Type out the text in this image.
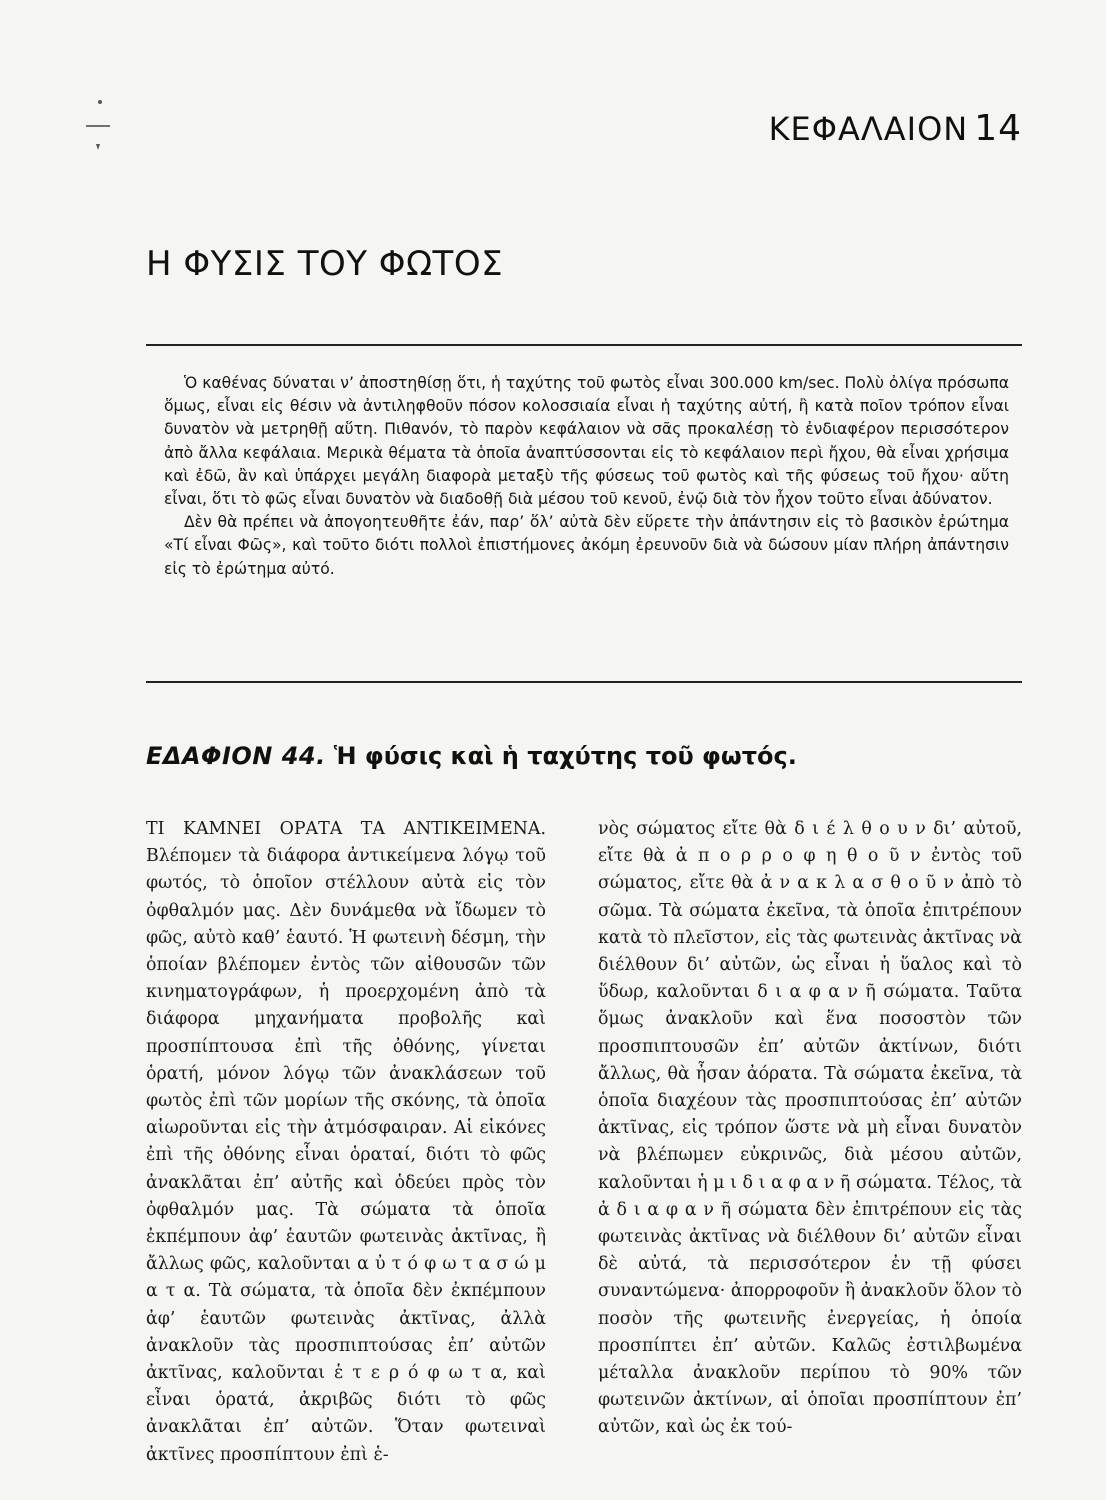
ΚΕΦΑΛΑΙΟΝ 14
Η ΦΥΣΙΣ ΤΟΥ ΦΩΤΟΣ

Ὁ καθένας δύναται ν’ ἀποστηθίσῃ ὅτι, ἡ ταχύτης τοῦ φωτὸς εἶναι 300.000 km/sec. Πολὺ ὀλίγα πρόσωπα ὅμως, εἶναι εἰς θέσιν νὰ ἀντιληφθοῦν πόσον κολοσσιαία εἶναι ἡ ταχύτης αὐτή, ἢ κατὰ ποῖον τρόπον εἶναι δυνατὸν νὰ μετρηθῇ αὕτη. Πιθανόν, τὸ παρὸν κεφάλαιον νὰ σᾶς προκαλέσῃ τὸ ἐνδιαφέρον περισσότερον ἀπὸ ἄλλα κεφάλαια. Μερικὰ θέματα τὰ ὁποῖα ἀναπτύσσονται εἰς τὸ κεφάλαιον περὶ ἤχου, θὰ εἶναι χρήσιμα καὶ ἐδῶ, ἂν καὶ ὑπάρχει μεγάλη διαφορὰ μεταξὺ τῆς φύσεως τοῦ φωτὸς καὶ τῆς φύσεως τοῦ ἤχου· αὕτη εἶναι, ὅτι τὸ φῶς εἶναι δυνατὸν νὰ διαδοθῇ διὰ μέσου τοῦ κενοῦ, ἐνῷ διὰ τὸν ἦχον τοῦτο εἶναι ἀδύνατον.

Δὲν θὰ πρέπει νὰ ἀπογοητευθῆτε ἐάν, παρ’ ὅλ’ αὐτὰ δὲν εὕρετε τὴν ἀπάντησιν εἰς τὸ βασικὸν ἐρώτημα «Τί εἶναι Φῶς», καὶ τοῦτο διότι πολλοὶ ἐπιστήμονες ἀκόμη ἐρευνοῦν διὰ νὰ δώσουν μίαν πλήρη ἀπάντησιν εἰς τὸ ἐρώτημα αὐτό.

ΕΔΑΦΙΟΝ 44. Ἡ φύσις καὶ ἡ ταχύτης τοῦ φωτός.

ΤΙ ΚΑΜΝΕΙ ΟΡΑΤΑ ΤΑ ΑΝΤΙΚΕΙΜΕΝΑ. Βλέπομεν τὰ διάφορα ἀντικείμενα λόγῳ τοῦ φωτός, τὸ ὁποῖον στέλλουν αὐτὰ εἰς τὸν ὀφθαλμόν μας. Δὲν δυνάμεθα νὰ ἴδωμεν τὸ φῶς, αὐτὸ καθ’ ἑαυτό. Ἡ φωτεινὴ δέσμη, τὴν ὁποίαν βλέπομεν ἐντὸς τῶν αἰθουσῶν τῶν κινηματογράφων, ἡ προερχομένη ἀπὸ τὰ διάφορα μηχανήματα προβολῆς καὶ προσπίπτουσα ἐπὶ τῆς ὀθόνης, γίνεται ὁρατή, μόνον λόγῳ τῶν ἀνακλάσεων τοῦ φωτὸς ἐπὶ τῶν μορίων τῆς σκόνης, τὰ ὁποῖα αἰωροῦνται εἰς τὴν ἀτμόσφαιραν. Αἱ εἰκόνες ἐπὶ τῆς ὀθόνης εἶναι ὁραταί, διότι τὸ φῶς ἀνακλᾶται ἐπ’ αὐτῆς καὶ ὁδεύει πρὸς τὸν ὀφθαλμόν μας. Τὰ σώματα τὰ ὁποῖα ἐκπέμπουν ἀφ’ ἑαυτῶν φωτεινὰς ἀκτῖνας, ἢ ἄλλως φῶς, καλοῦνται α ὐ τ ό φ ω τ α σ ώ μ α τ α. Τὰ σώματα, τὰ ὁποῖα δὲν ἐκπέμπουν ἀφ’ ἑαυτῶν φωτεινὰς ἀκτῖνας, ἀλλὰ ἀνακλοῦν τὰς προσπιπτούσας ἐπ’ αὐτῶν ἀκτῖνας, καλοῦνται ἑ τ ε ρ ό φ ω τ α, καὶ εἶναι ὁρατά, ἀκριβῶς διότι τὸ φῶς ἀνακλᾶται ἐπ’ αὐτῶν. Ὅταν φωτειναὶ ἀκτῖνες προσπίπτουν ἐπὶ ἑ-

νὸς σώματος εἴτε θὰ δ ι έ λ θ ο υ ν δι’ αὐτοῦ, εἴτε θὰ ἀ π ο ρ ρ ο φ η θ ο ῦ ν ἐντὸς τοῦ σώματος, εἴτε θὰ ἀ ν α κ λ α σ θ ο ῦ ν ἀπὸ τὸ σῶμα. Τὰ σώματα ἐκεῖνα, τὰ ὁποῖα ἐπιτρέπουν κατὰ τὸ πλεῖστον, εἰς τὰς φωτεινὰς ἀκτῖνας νὰ διέλθουν δι’ αὐτῶν, ὡς εἶναι ἡ ὕαλος καὶ τὸ ὕδωρ, καλοῦνται δ ι α φ α ν ῆ σώματα. Ταῦτα ὅμως ἀνακλοῦν καὶ ἕνα ποσοστὸν τῶν προσπιπτουσῶν ἐπ’ αὐτῶν ἀκτίνων, διότι ἄλλως, θὰ ἦσαν ἀόρατα. Τὰ σώματα ἐκεῖνα, τὰ ὁποῖα διαχέουν τὰς προσπιπτούσας ἐπ’ αὐτῶν ἀκτῖνας, εἰς τρόπον ὥστε νὰ μὴ εἶναι δυνατὸν νὰ βλέπωμεν εὐκρινῶς, διὰ μέσου αὐτῶν, καλοῦνται ἡ μ ι δ ι α φ α ν ῆ σώματα. Τέλος, τὰ ἀ δ ι α φ α ν ῆ σώματα δὲν ἐπιτρέπουν εἰς τὰς φωτεινὰς ἀκτῖνας νὰ διέλθουν δι’ αὐτῶν εἶναι δὲ αὐτά, τὰ περισσότερον ἐν τῇ φύσει συναντώμενα· ἀπορροφοῦν ἢ ἀνακλοῦν ὅλον τὸ ποσὸν τῆς φωτεινῆς ἐνεργείας, ἡ ὁποία προσπίπτει ἐπ’ αὐτῶν. Καλῶς ἐστιλβωμένα μέταλλα ἀνακλοῦν περίπου τὸ 90% τῶν φωτεινῶν ἀκτίνων, αἱ ὁποῖαι προσπίπτουν ἐπ’ αὐτῶν, καὶ ὡς ἐκ τού-
